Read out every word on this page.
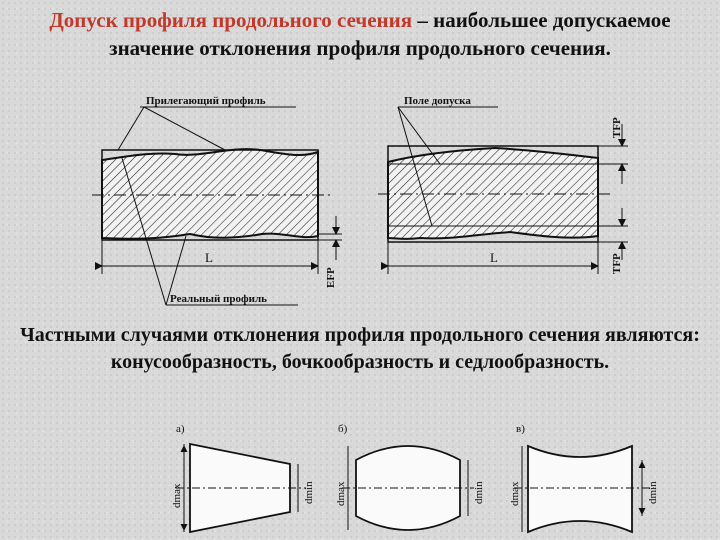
Допуск профиля продольного сечения – наибольшее допускаемое значение отклонения профиля продольного сечения.
L
EFP
Прилегающий профиль
Реальный профиль
L
TFP
TFP
Поле допуска
Частными случаями отклонения профиля продольного сечения являются: конусообразность, бочкообразность и седлообразность.
а)
dmax	dmin
б)
dmax	dmin
в)
dmax	dmin
